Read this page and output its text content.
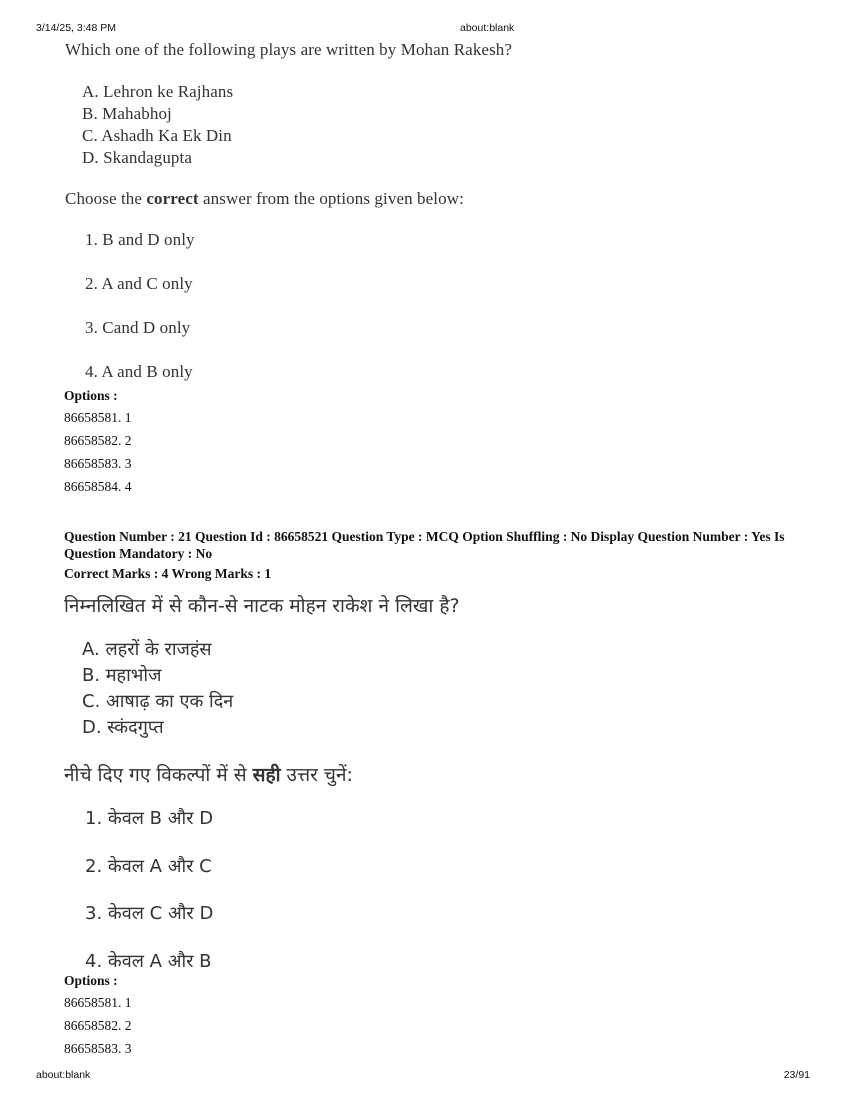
3/14/25, 3:48 PM	about:blank
Which one of the following plays are written by Mohan Rakesh?
A. Lehron ke Rajhans
B. Mahabhoj
C. Ashadh Ka Ek Din
D. Skandagupta
Choose the correct answer from the options given below:
1. B and D only
2. A and C only
3. Cand D only
4. A and B only
Options :
86658581. 1
86658582. 2
86658583. 3
86658584. 4
Question Number : 21 Question Id : 86658521 Question Type : MCQ Option Shuffling : No Display Question Number : Yes Is Question Mandatory : No
Correct Marks : 4 Wrong Marks : 1
निम्नलिखित में से कौन-से नाटक मोहन राकेश ने लिखा है?
A. लहरों के राजहंस
B. महाभोज
C. आषाढ़ का एक दिन
D. स्कंदगुप्त
नीचे दिए गए विकल्पों में से सही उत्तर चुनें:
1. केवल B और D
2. केवल A और C
3. केवल C और D
4. केवल A और B
Options :
86658581. 1
86658582. 2
86658583. 3
about:blank	23/91
